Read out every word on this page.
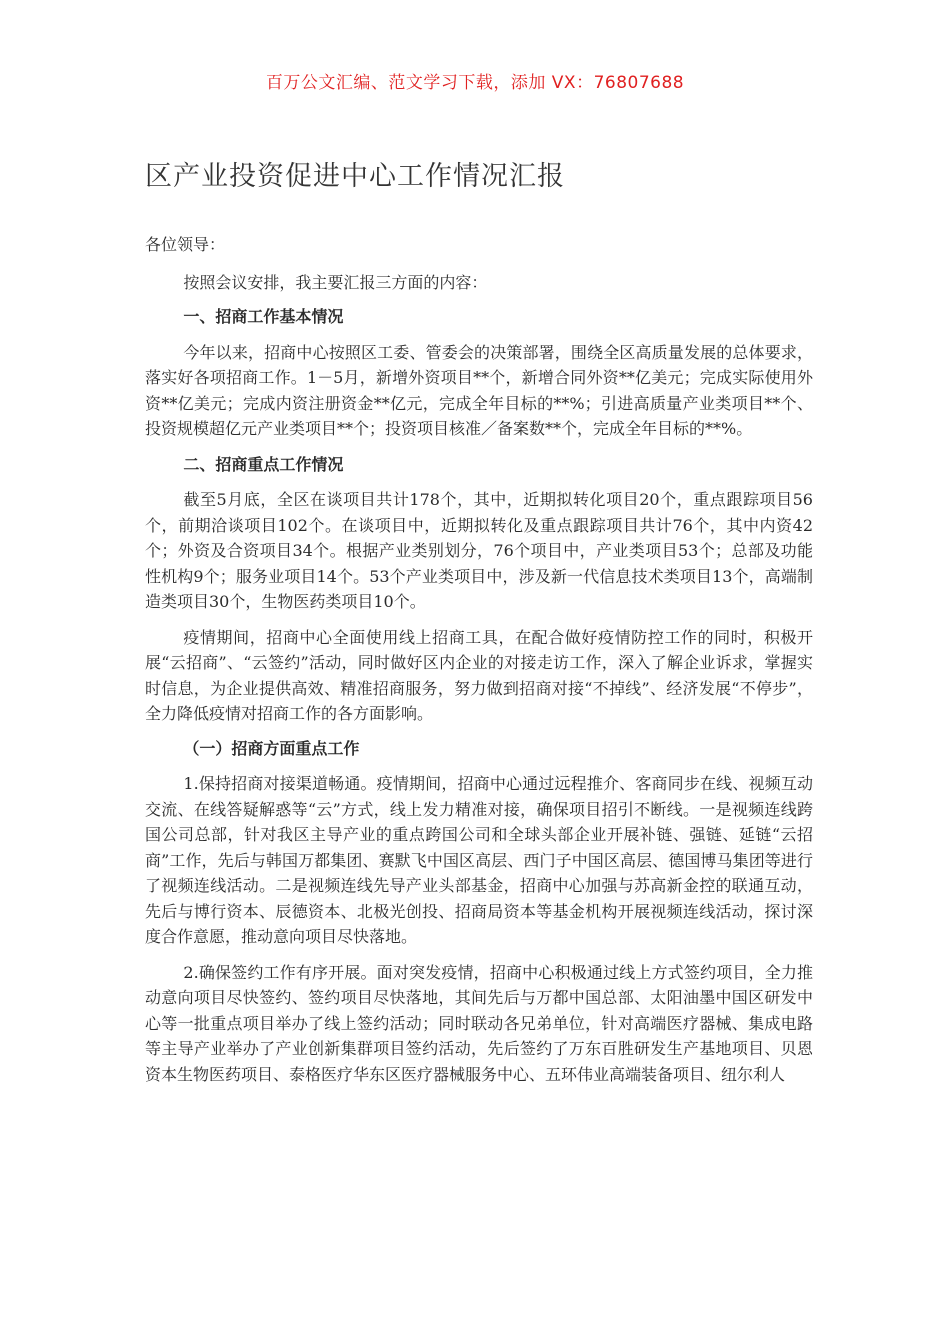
百万公文汇编、范文学习下载，添加 VX：76807688
区产业投资促进中心工作情况汇报

各位领导：

按照会议安排，我主要汇报三方面的内容：

一、招商工作基本情况

今年以来，招商中心按照区工委、管委会的决策部署，围绕全区高质量发展的总体要求，落实好各项招商工作。1－5月，新增外资项目**个，新增合同外资**亿美元；完成实际使用外资**亿美元；完成内资注册资金**亿元，完成全年目标的**%；引进高质量产业类项目**个、投资规模超亿元产业类项目**个；投资项目核准／备案数**个，完成全年目标的**%。

二、招商重点工作情况

截至5月底，全区在谈项目共计178个，其中，近期拟转化项目20个，重点跟踪项目56个，前期洽谈项目102个。在谈项目中，近期拟转化及重点跟踪项目共计76个，其中内资42个；外资及合资项目34个。根据产业类别划分，76个项目中，产业类项目53个；总部及功能性机构9个；服务业项目14个。53个产业类项目中，涉及新一代信息技术类项目13个，高端制造类项目30个，生物医药类项目10个。

疫情期间，招商中心全面使用线上招商工具，在配合做好疫情防控工作的同时，积极开展“云招商”、“云签约”活动，同时做好区内企业的对接走访工作，深入了解企业诉求，掌握实时信息，为企业提供高效、精准招商服务，努力做到招商对接“不掉线”、经济发展“不停步”，全力降低疫情对招商工作的各方面影响。

（一）招商方面重点工作

1.保持招商对接渠道畅通。疫情期间，招商中心通过远程推介、客商同步在线、视频互动交流、在线答疑解惑等“云”方式，线上发力精准对接，确保项目招引不断线。一是视频连线跨国公司总部，针对我区主导产业的重点跨国公司和全球头部企业开展补链、强链、延链“云招商”工作，先后与韩国万都集团、赛默飞中国区高层、西门子中国区高层、德国博马集团等进行了视频连线活动。二是视频连线先导产业头部基金，招商中心加强与苏高新金控的联通互动，先后与博行资本、辰德资本、北极光创投、招商局资本等基金机构开展视频连线活动，探讨深度合作意愿，推动意向项目尽快落地。

2.确保签约工作有序开展。面对突发疫情，招商中心积极通过线上方式签约项目，全力推动意向项目尽快签约、签约项目尽快落地，其间先后与万都中国总部、太阳油墨中国区研发中心等一批重点项目举办了线上签约活动；同时联动各兄弟单位，针对高端医疗器械、集成电路等主导产业举办了产业创新集群项目签约活动，先后签约了万东百胜研发生产基地项目、贝恩资本生物医药项目、泰格医疗华东区医疗器械服务中心、五环伟业高端装备项目、纽尔利人
